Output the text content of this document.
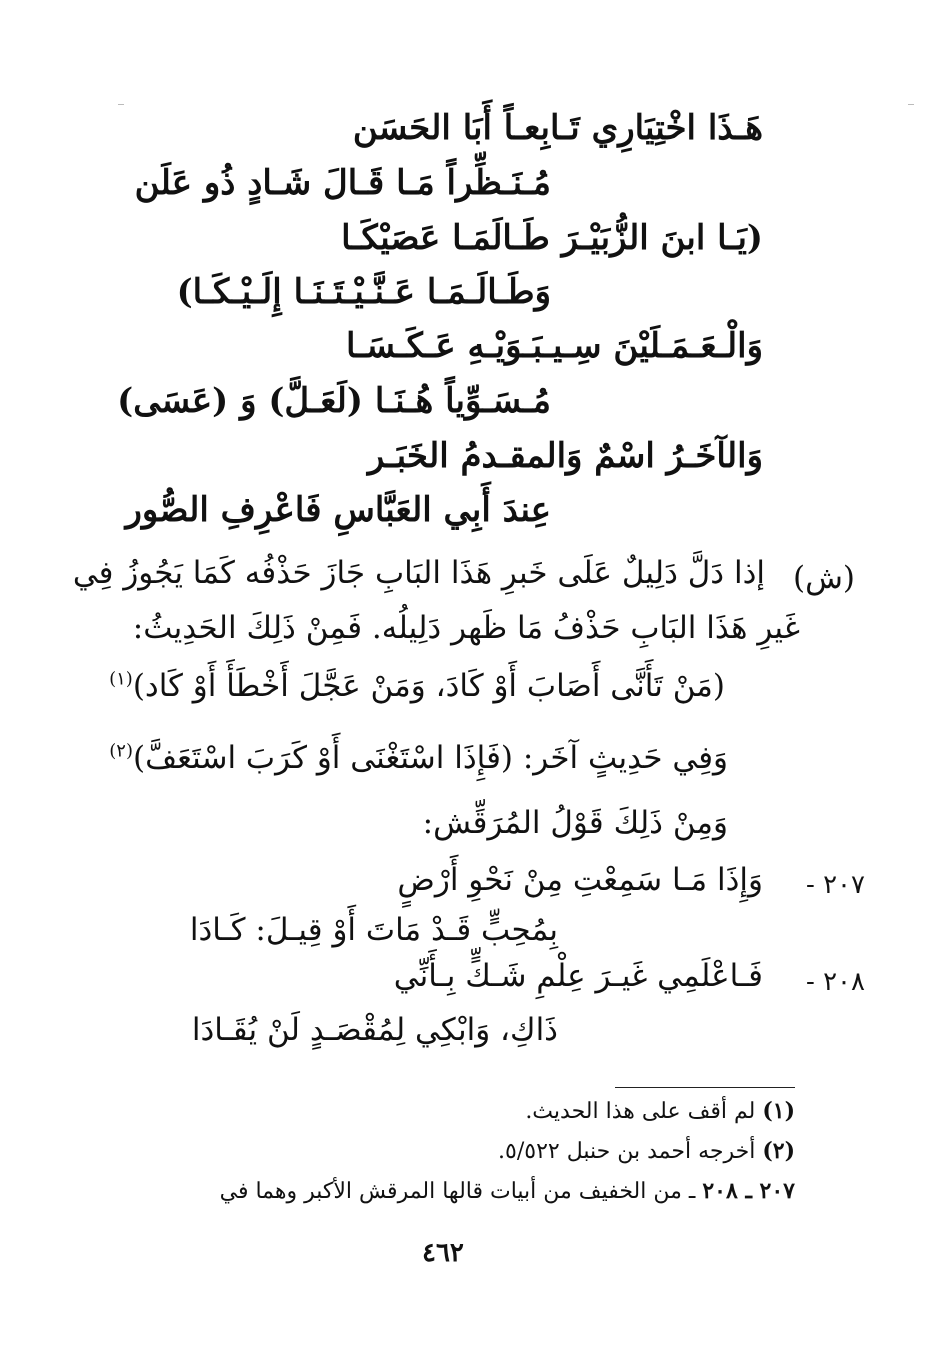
هَـذَا اخْتِيَارِي تَـابِعـاً أَبَا الحَسَن
مُـنَـظِّراً مَـا قَـالَ شَـادٍ ذُو عَلَن
(يَـا ابنَ الزُّبَيْـرَ طَـالَمَـا عَصَيْكَـا
وَطَـالَـمَـا عَـنَّـيْـتَـنَـا إِلَـيْـكَـا)
وَالْـعَـمَـلَيْنَ سِـيـبَـوَيْـهِ عَـكَـسَـا
مُـسَـوِّياً هُـنَـا (لَعَـلَّ) وَ (عَسَى)
وَالآخَـرُ اسْمٌ وَالمقـدمُ الخَبَـر
عِندَ أَبِي العَبَّاسِ فَاعْرِفِ الصُّور
(ش)
إذا دَلَّ دَلِيلٌ عَلَى خَبرِ هَذَا البَابِ جَازَ حَذْفُه كَمَا يَجُوزُ فِي
غَيرِ هَذَا البَابِ حَذْفُ مَا ظَهر دَلِيلُه. فَمِنْ ذَلِكَ الحَدِيثُ:
(مَنْ تَأَنَّى أَصَابَ أَوْ كَادَ، وَمَنْ عَجَّلَ أَخْطَأَ أَوْ كَاد)$^{(١)}$
وَفِي حَدِيثٍ آخَر: (فَإِذَا اسْتَغْنَى أَوْ كَرَبَ اسْتَعَفَّ)$^{(٢)}$
وَمِنْ ذَلِكَ قَوْلُ المُرَقِّش:
٢٠٧ -
وَإِذَا مَـا سَمِعْتِ مِنْ نَحْوِ أَرْضٍ
بِمُحِبٍّ قَـدْ مَاتَ أَوْ قِيـلَ: كَـادَا
٢٠٨ -
فَـاعْلَمِي غَيـرَ عِلْمِ شَـكٍّ بِـأَنِّي
ذَاكِ، وَابْكِي لِمُقْصَـدٍ لَنْ يُقَـادَا
(١) لم أقف على هذا الحديث.
(٢) أخرجه أحمد بن حنبل ٥/٥٢٢.
٢٠٧ ـ ٢٠٨ ـ من الخفيف من أبيات قالها المرقش الأكبر وهما في
٤٦٢
